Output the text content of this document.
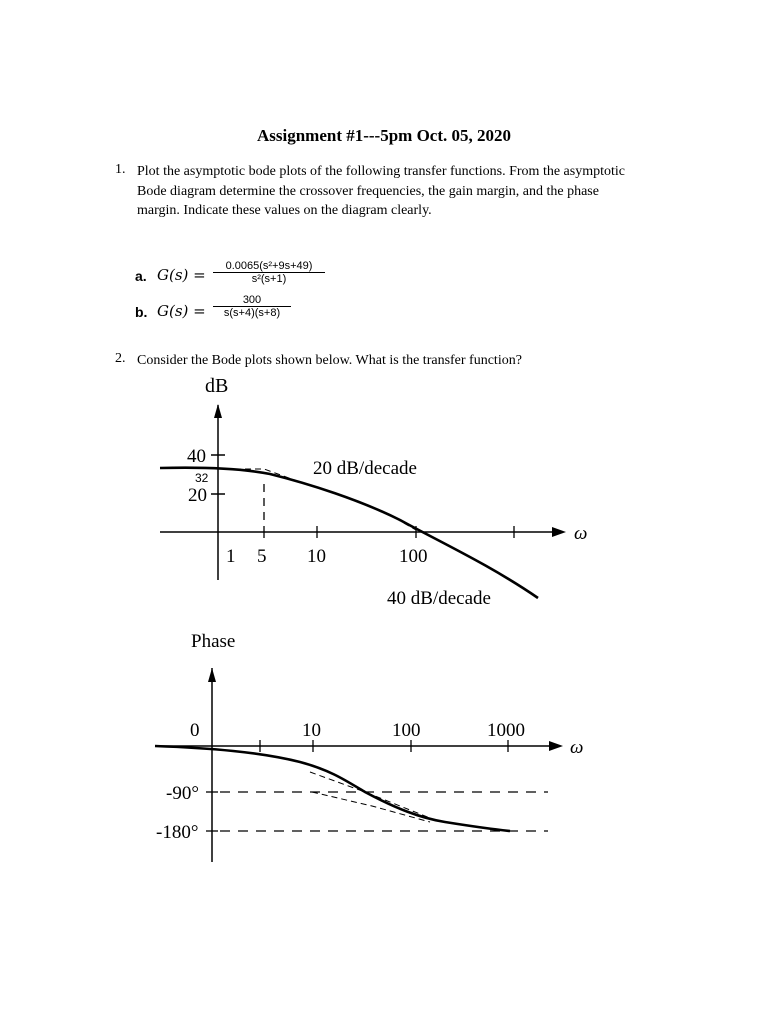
Assignment #1---5pm Oct. 05, 2020
1. Plot the asymptotic bode plots of the following transfer functions. From the asymptotic
Bode diagram determine the crossover frequencies, the gain margin, and the phase
margin. Indicate these values on the diagram clearly.
a. $G(s) = \frac{\text{0.0065(s²+9s+49)}}{\text{s²(s+1)}}$
b. $G(s) = \frac{300}{s(s+4)(s+8)}$
2. Consider the Bode plots shown below. What is the transfer function?
dB
40
20
32
1 5 10	100
ω
20 dB/decade
40 dB/decade
Phase
0	10	100	1000
ω
-90°
-180°
